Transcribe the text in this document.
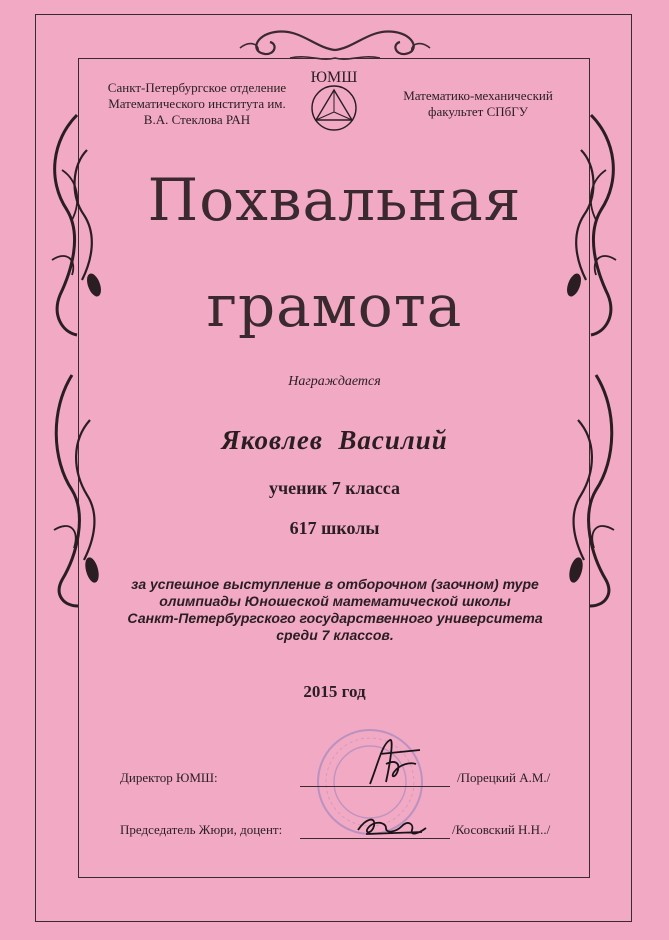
Санкт-Петербургское отделение
Математического института им.
В.А. Стеклова РАН
ЮМШ
Математико-механический
факультет СПбГУ
Похвальная
грамота
Награждается
Яковлев  Василий
ученик 7 класса
617 школы
за успешное выступление в отборочном (заочном) туре
олимпиады Юношеской математической школы
Санкт-Петербургского государственного университета
среди 7 классов.
2015 год
Директор ЮМШ:	/Порецкий А.М./
Председатель Жюри, доцент:	/Косовский Н.Н../
